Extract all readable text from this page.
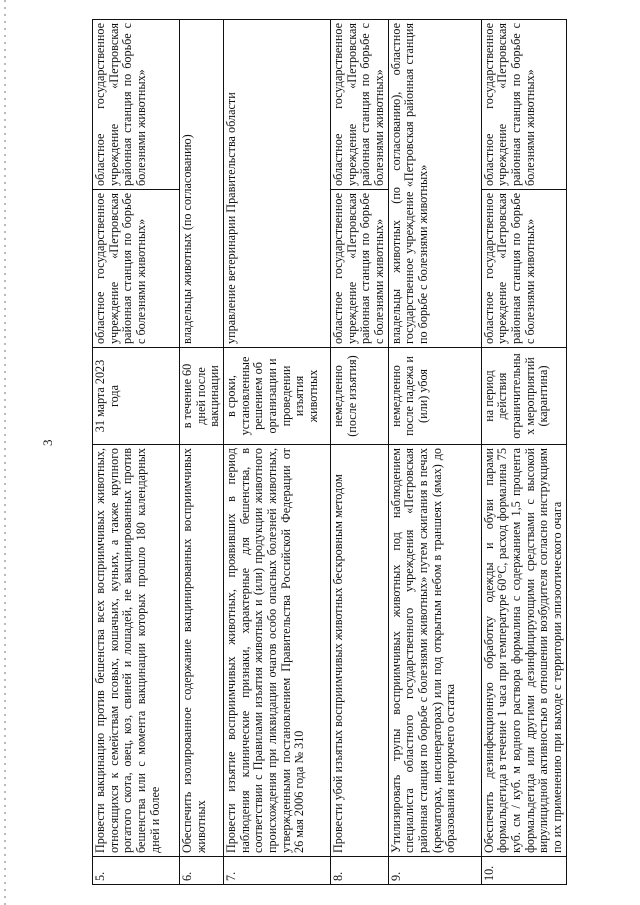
3
5.	Провести вакцинацию против бешенства всех восприимчивых животных, относящихся к семействам псовых, кошачьих, куньих, а также крупного рогатого скота, овец, коз, свиней и лошадей, не вакцинированных против бешенства или с момента вакцинации которых прошло 180 календарных дней и более	31 марта 2023 года	областное государственное учреждение «Петровская районная станция по борьбе с болезнями животных»	областное государственное учреждение «Петровская районная станция по борьбе с болезнями животных»
6.	Обеспечить изолированное содержание вакцинированных восприимчивых животных	в течение 60 дней после вакцинации	владельцы животных (по согласованию)	
7.	Провести изъятие восприимчивых животных, проявивших в период наблюдения клинические признаки, характерные для бешенства, в соответствии с Правилами изъятия животных и (или) продукции животного происхождения при ликвидации очагов особо опасных болезней животных, утвержденными постановлением Правительства Российской Федерации от 26 мая 2006 года № 310	в сроки, установленные решением об организации и проведении изъятия животных	управление ветеринарии Правительства области	
8.	Провести убой изъятых восприимчивых животных бескровным методом	немедленно (после изъятия)	областное государственное учреждение «Петровская районная станция по борьбе с болезнями животных»	областное государственное учреждение «Петровская районная станция по борьбе с болезнями животных»
9.	Утилизировать трупы восприимчивых животных под наблюдением специалиста областного государственного учреждения «Петровская районная станция по борьбе с болезнями животных» путем сжигания в печах (крематорах, инсинераторах) или под открытым небом в траншеях (ямах) до образования негорючего остатка	немедленно после падежа и (или) убоя	владельцы животных (по согласованию), областное государственное учреждение «Петровская районная станция по борьбе с болезнями животных»	
10.	Обеспечить дезинфекционную обработку одежды и обуви парами формальдегида в течение 1 часа при температуре 60°С, расход формалина 75 куб. см / куб. м водного раствора формалина с содержанием 1,5 процента формальдегида или другими дезинфицирующими средствами с высокой вирулицидной активностью в отношении возбудителя согласно инструкциям по их применению при выходе с территории эпизоотического очага	на период действия ограничительных мероприятий (карантина)	областное государственное учреждение «Петровская районная станция по борьбе с болезнями животных»	областное государственное учреждение «Петровская районная станция по борьбе с болезнями животных»
